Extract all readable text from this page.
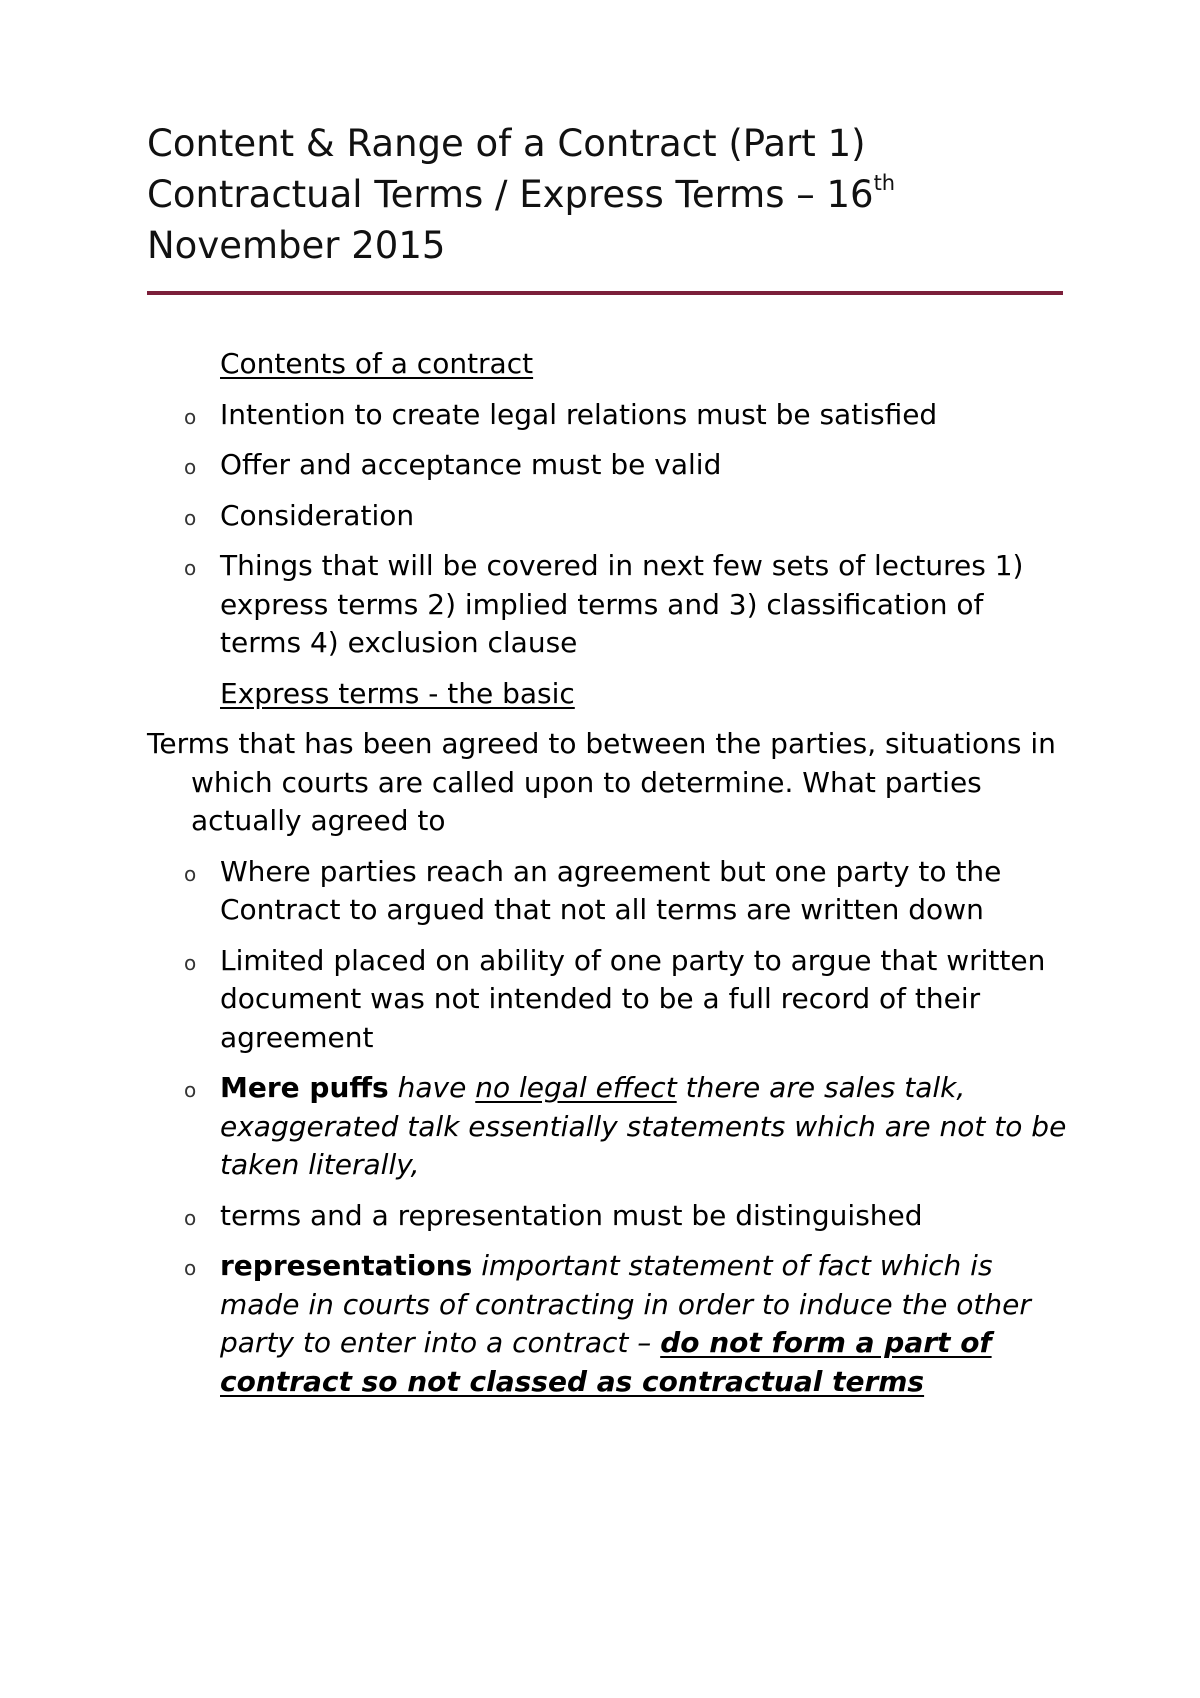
Content & Range of a Contract (Part 1)
Contractual Terms / Express Terms – 16th
November 2015

Contents of a contract

o Intention to create legal relations must be satisfied
o Offer and acceptance must be valid
o Consideration
o Things that will be covered in next few sets of lectures 1) express terms 2) implied terms and 3) classification of terms 4) exclusion clause

Express terms - the basic

Terms that has been agreed to between the parties, situations in which courts are called upon to determine. What parties actually agreed to

o Where parties reach an agreement but one party to the Contract to argued that not all terms are written down
o Limited placed on ability of one party to argue that written document was not intended to be a full record of their agreement
o Mere puffs have no legal effect there are sales talk, exaggerated talk essentially statements which are not to be taken literally,
o terms and a representation must be distinguished
o representations important statement of fact which is made in courts of contracting in order to induce the other party to enter into a contract – do not form a part of contract so not classed as contractual terms
